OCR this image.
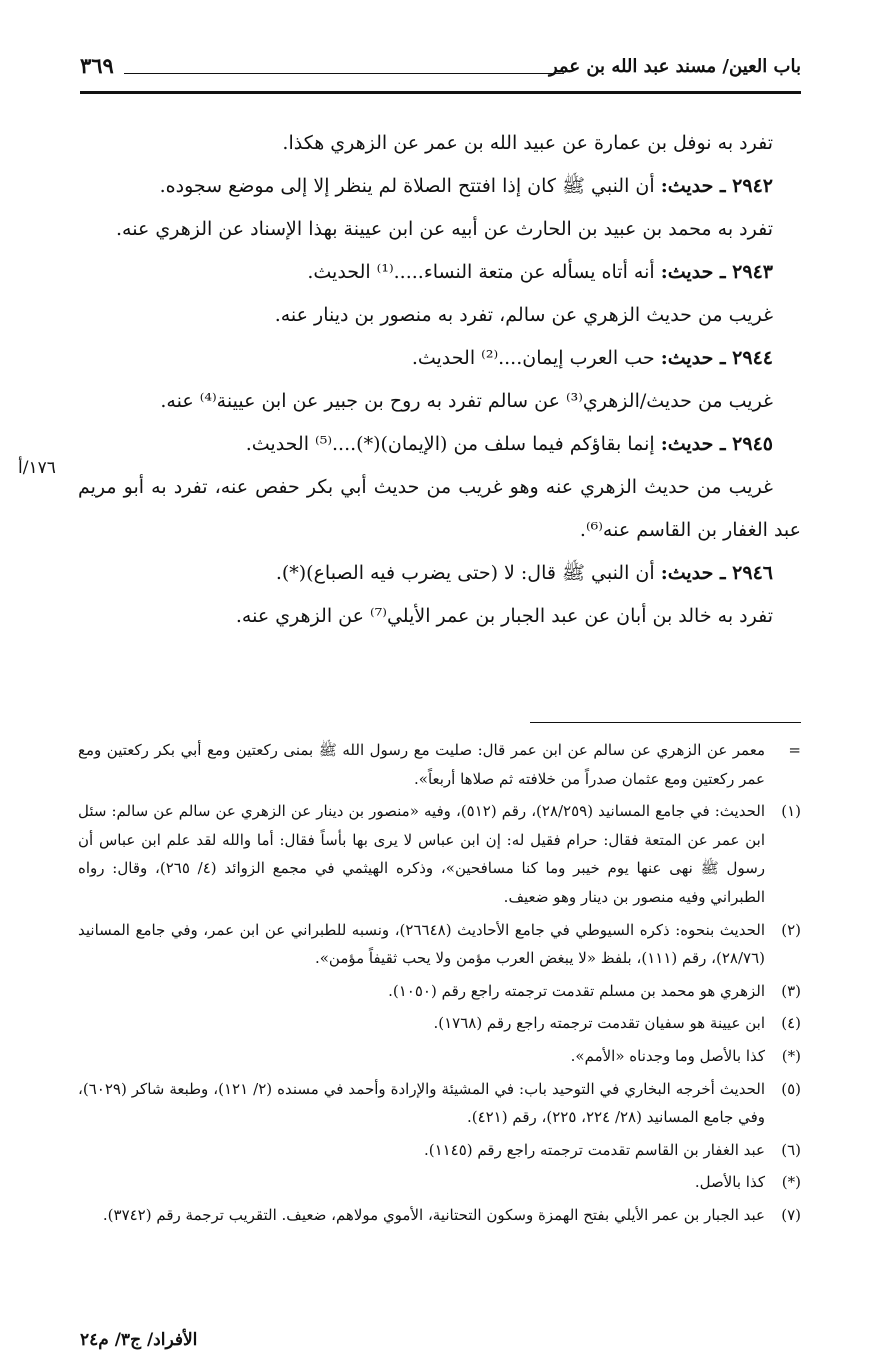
باب العين/ مسند عبد الله بن عمر
٣٦٩
١٧٦/أ

تفرد به نوفل بن عمارة عن عبيد الله بن عمر عن الزهري هكذا.

٢٩٤٢ ـ حديث: أن النبي ﷺ كان إذا افتتح الصلاة لم ينظر إلا إلى موضع سجوده.

تفرد به محمد بن عبيد بن الحارث عن أبيه عن ابن عيينة بهذا الإسناد عن الزهري عنه.

٢٩٤٣ ـ حديث: أنه أتاه يسأله عن متعة النساء.....⁽¹⁾ الحديث.

غريب من حديث الزهري عن سالم، تفرد به منصور بن دينار عنه.

٢٩٤٤ ـ حديث: حب العرب إيمان....⁽²⁾ الحديث.

غريب من حديث/الزهري⁽³⁾ عن سالم تفرد به روح بن جبير عن ابن عيينة⁽⁴⁾ عنه.

٢٩٤٥ ـ حديث: إنما بقاؤكم فيما سلف من (الإيمان)(*)....⁽⁵⁾ الحديث.

غريب من حديث الزهري عنه وهو غريب من حديث أبي بكر حفص عنه، تفرد به أبو مريم عبد الغفار بن القاسم عنه⁽⁶⁾.

٢٩٤٦ ـ حديث: أن النبي ﷺ قال: لا (حتى يضرب فيه الصباع)(*).

تفرد به خالد بن أبان عن عبد الجبار بن عمر الأيلي⁽⁷⁾ عن الزهري عنه.

=
معمر عن الزهري عن سالم عن ابن عمر قال: صليت مع رسول الله ﷺ بمنى ركعتين ومع أبي بكر ركعتين ومع عمر ركعتين ومع عثمان صدراً من خلافته ثم صلاها أربعاً».
(١)
الحديث: في جامع المسانيد (٢٨/٢٥٩)، رقم (٥١٢)، وفيه «منصور بن دينار عن الزهري عن سالم عن سالم: سئل ابن عمر عن المتعة فقال: حرام فقيل له: إن ابن عباس لا يرى بها بأساً فقال: أما والله لقد علم ابن عباس أن رسول ﷺ نهى عنها يوم خيبر وما كنا مسافحين»، وذكره الهيثمي في مجمع الزوائد (٤/ ٢٦٥)، وقال: رواه الطبراني وفيه منصور بن دينار وهو ضعيف.
(٢)
الحديث بنحوه: ذكره السيوطي في جامع الأحاديث (٢٦٦٤٨)، ونسبه للطبراني عن ابن عمر، وفي جامع المسانيد (٢٨/٧٦)، رقم (١١١)، بلفظ «لا يبغض العرب مؤمن ولا يحب ثقيفاً مؤمن».
(٣)
الزهري هو محمد بن مسلم تقدمت ترجمته راجع رقم (١٠٥٠).
(٤)
ابن عيينة هو سفيان تقدمت ترجمته راجع رقم (١٧٦٨).
(*)
كذا بالأصل وما وجدناه «الأمم».
(٥)
الحديث أخرجه البخاري في التوحيد باب: في المشيئة والإرادة وأحمد في مسنده (٢/ ١٢١)، وطبعة شاكر (٦٠٢٩)، وفي جامع المسانيد (٢٨/ ٢٢٤، ٢٢٥)، رقم (٤٢١).
(٦)
عبد الغفار بن القاسم تقدمت ترجمته راجع رقم (١١٤٥).
(*)
كذا بالأصل.
(٧)
عبد الجبار بن عمر الأيلي بفتح الهمزة وسكون التحتانية، الأموي مولاهم، ضعيف. التقريب ترجمة رقم (٣٧٤٢).
الأفراد/ ج٣/ م٢٤
